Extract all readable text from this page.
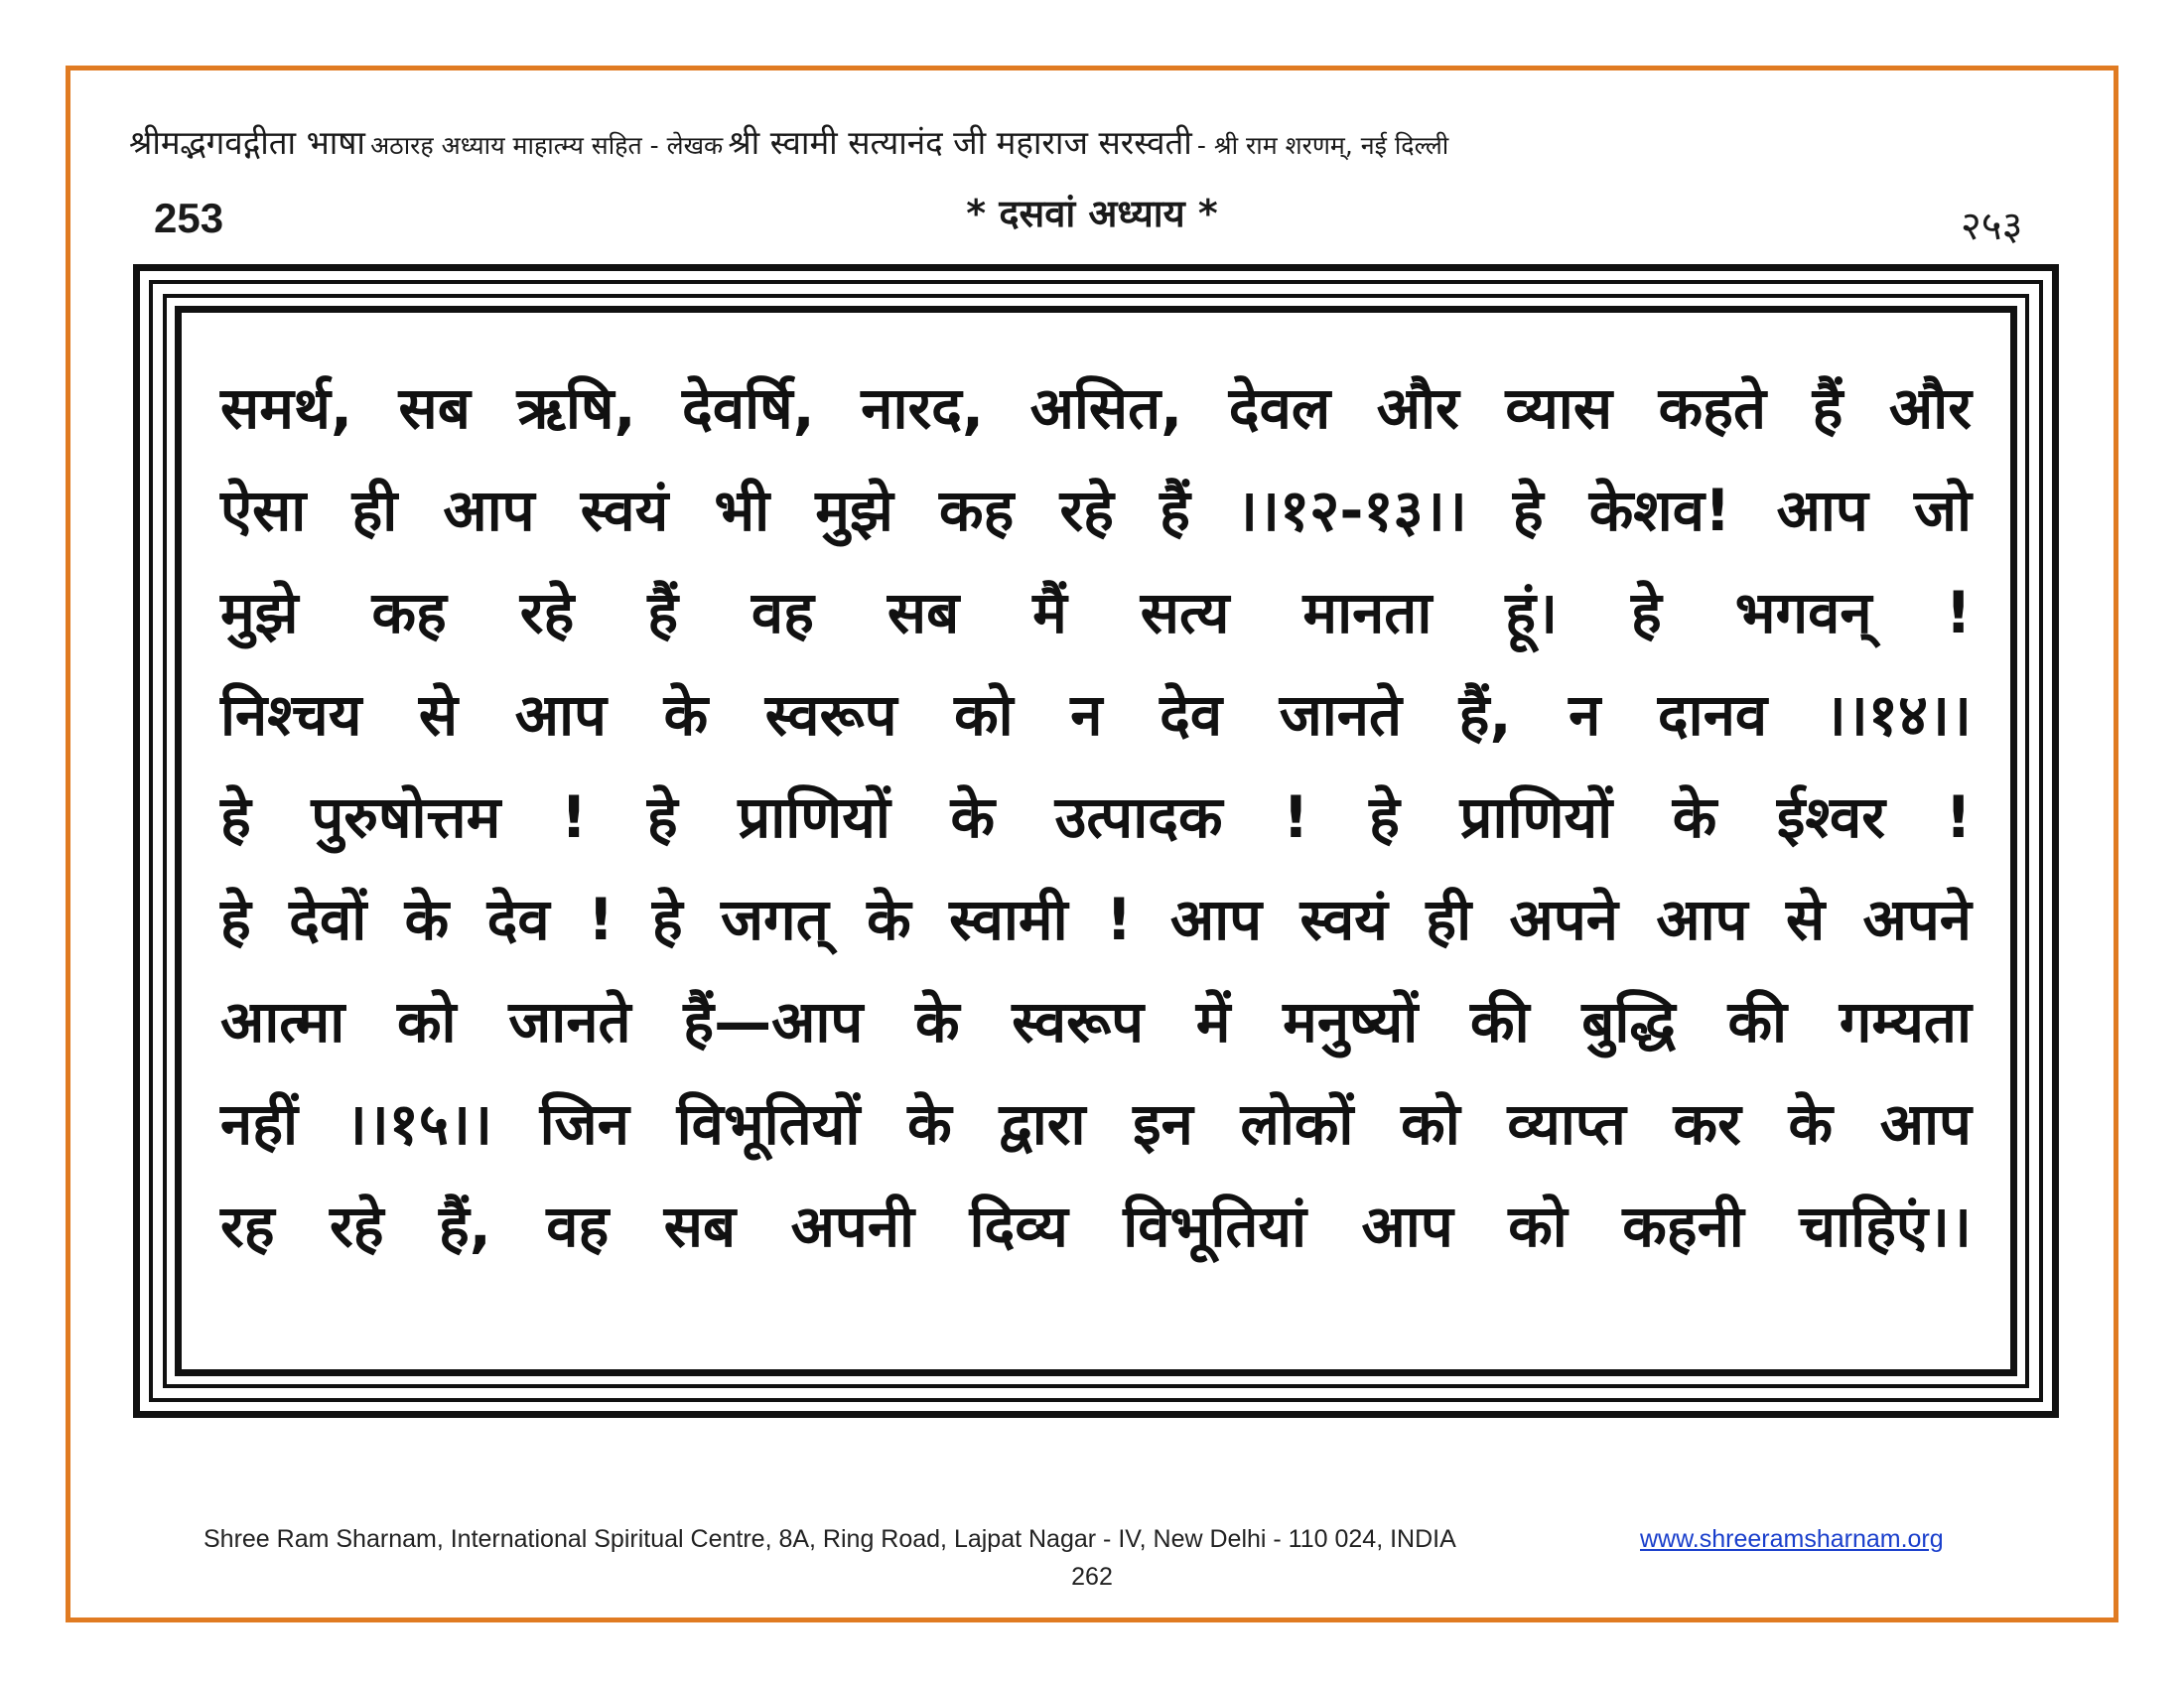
श्रीमद्भगवद्गीता भाषा अठारह अध्याय माहात्म्य सहित - लेखक श्री स्वामी सत्यानंद जी महाराज सरस्वती - श्री राम शरणम्, नई दिल्ली
253	* दसवां अध्याय *	२५३
समर्थ, सब ऋषि, देवर्षि, नारद, असित, देवल और व्यास कहते हैं और
ऐसा ही आप स्वयं भी मुझे कह रहे हैं ।।१२-१३।। हे केशव! आप जो
मुझे कह रहे हैं वह सब मैं सत्य मानता हूं। हे भगवन् !
निश्चय से आप के स्वरूप को न देव जानते हैं, न दानव ।।१४।।
हे पुरुषोत्तम ! हे प्राणियों के उत्पादक ! हे प्राणियों के ईश्वर !
हे देवों के देव ! हे जगत् के स्वामी ! आप स्वयं ही अपने आप से अपने
आत्मा को जानते हैं—आप के स्वरूप में मनुष्यों की बुद्धि की गम्यता
नहीं ।।१५।। जिन विभूतियों के द्वारा इन लोकों को व्याप्त कर के आप
रह रहे हैं, वह सब अपनी दिव्य विभूतियां आप को कहनी चाहिएं।।
Shree Ram Sharnam, International Spiritual Centre, 8A, Ring Road, Lajpat Nagar - IV, New Delhi - 110 024, INDIA	www.shreeramsharnam.org
262
